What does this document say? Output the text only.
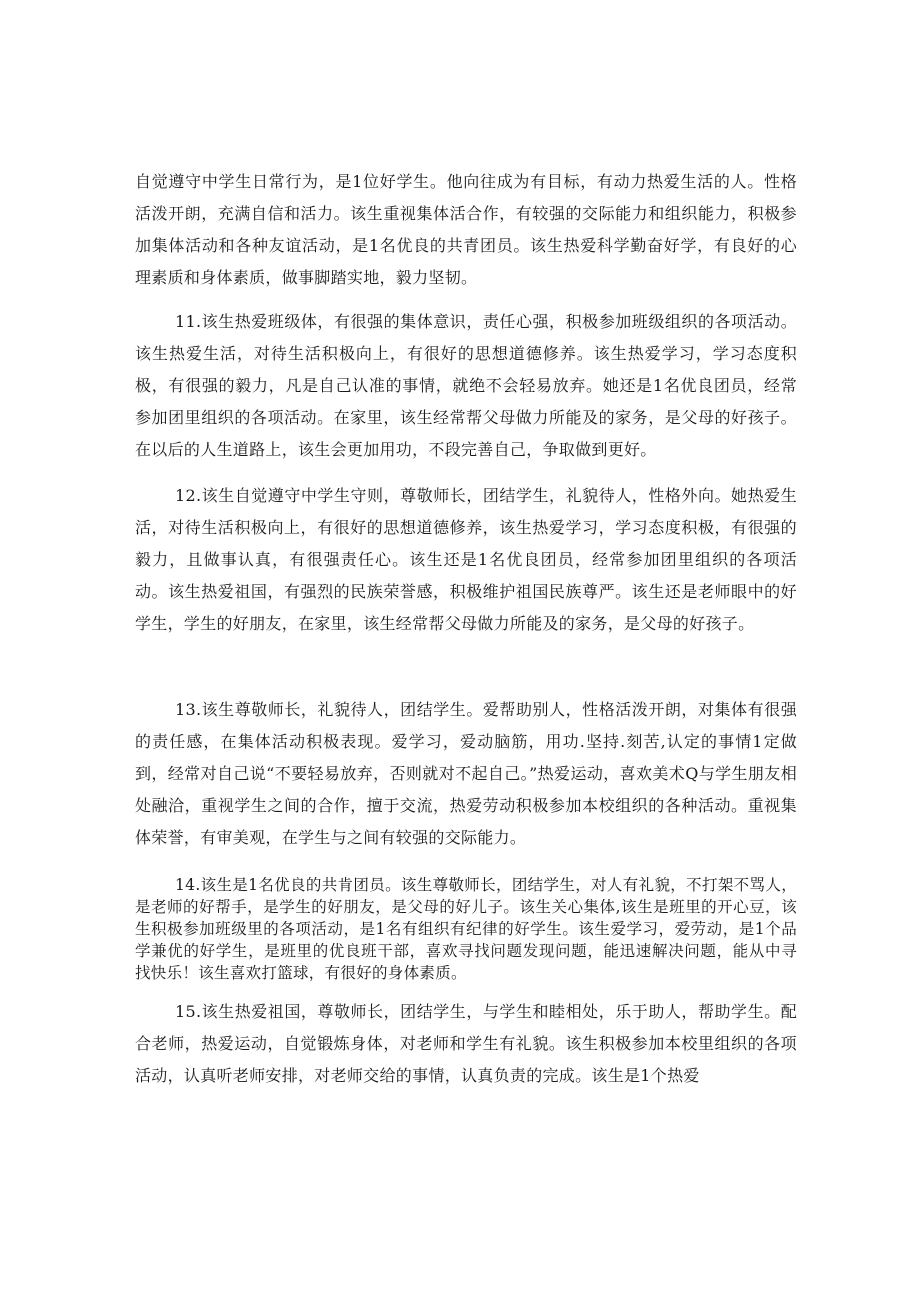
自觉遵守中学生日常行为，是1位好学生。他向往成为有目标，有动力热爱生活的人。性格活泼开朗，充满自信和活力。该生重视集体活合作，有较强的交际能力和组织能力，积极参加集体活动和各种友谊活动，是1名优良的共青团员。该生热爱科学勤奋好学，有良好的心理素质和身体素质，做事脚踏实地，毅力坚韧。

11.该生热爱班级体，有很强的集体意识，责任心强，积极参加班级组织的各项活动。该生热爱生活，对待生活积极向上，有很好的思想道德修养。该生热爱学习，学习态度积极，有很强的毅力，凡是自己认准的事情，就绝不会轻易放弃。她还是1名优良团员，经常参加团里组织的各项活动。在家里，该生经常帮父母做力所能及的家务，是父母的好孩子。在以后的人生道路上，该生会更加用功，不段完善自己，争取做到更好。

12.该生自觉遵守中学生守则，尊敬师长，团结学生，礼貌待人，性格外向。她热爱生活，对待生活积极向上，有很好的思想道德修养，该生热爱学习，学习态度积极，有很强的毅力，且做事认真，有很强责任心。该生还是1名优良团员，经常参加团里组织的各项活动。该生热爱祖国，有强烈的民族荣誉感，积极维护祖国民族尊严。该生还是老师眼中的好学生，学生的好朋友，在家里，该生经常帮父母做力所能及的家务，是父母的好孩子。

13.该生尊敬师长，礼貌待人，团结学生。爱帮助别人，性格活泼开朗，对集体有很强的责任感，在集体活动积极表现。爱学习，爱动脑筋，用功.坚持.刻苦,认定的事情1定做到，经常对自己说“不要轻易放弃，否则就对不起自己。”热爱运动，喜欢美术Q与学生朋友相处融洽，重视学生之间的合作，擅于交流，热爱劳动积极参加本校组织的各种活动。重视集体荣誉，有审美观，在学生与之间有较强的交际能力。

14.该生是1名优良的共肯团员。该生尊敬师长，团结学生，对人有礼貌，不打架不骂人，是老师的好帮手，是学生的好朋友，是父母的好儿子。该生关心集体,该生是班里的开心豆，该生积极参加班级里的各项活动，是1名有组织有纪律的好学生。该生爱学习，爱劳动，是1个品学兼优的好学生，是班里的优良班干部，喜欢寻找问题发现问题，能迅速解决问题，能从中寻找快乐！该生喜欢打篮球，有很好的身体素质。

15.该生热爱祖国，尊敬师长，团结学生，与学生和睦相处，乐于助人，帮助学生。配合老师，热爱运动，自觉锻炼身体，对老师和学生有礼貌。该生积极参加本校里组织的各项活动，认真听老师安排，对老师交给的事情，认真负责的完成。该生是1个热爱
